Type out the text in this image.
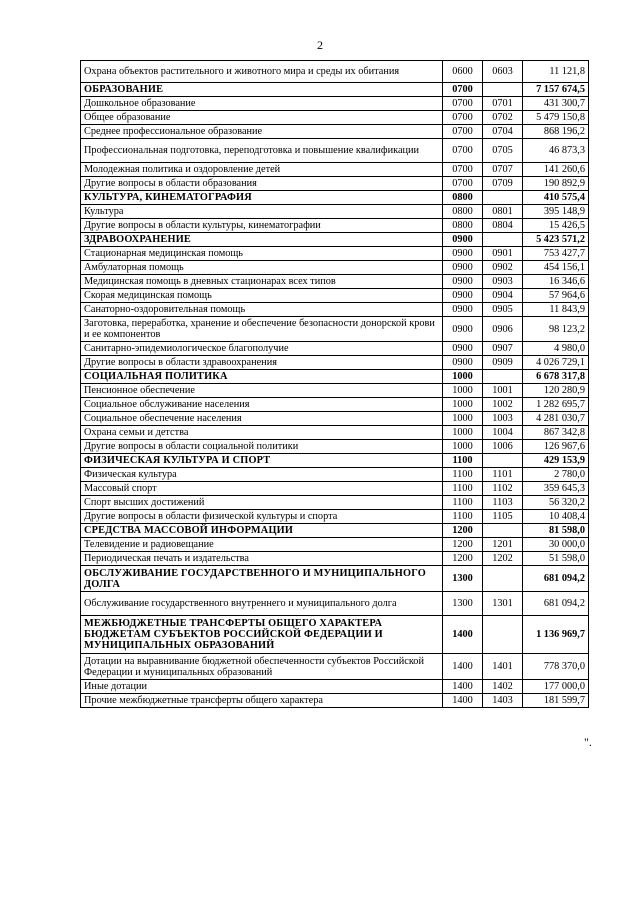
2
Охрана объектов растительного и животного мира и среды их обитания	0600	0603	11 121,8
ОБРАЗОВАНИЕ	0700		7 157 674,5
Дошкольное образование	0700	0701	431 300,7
Общее образование	0700	0702	5 479 150,8
Среднее профессиональное образование	0700	0704	868 196,2
Профессиональная подготовка, переподготовка и повышение квалификации	0700	0705	46 873,3
Молодежная политика и оздоровление детей	0700	0707	141 260,6
Другие вопросы в области образования	0700	0709	190 892,9
КУЛЬТУРА, КИНЕМАТОГРАФИЯ	0800		410 575,4
Культура	0800	0801	395 148,9
Другие вопросы в области культуры, кинематографии	0800	0804	15 426,5
ЗДРАВООХРАНЕНИЕ	0900		5 423 571,2
Стационарная медицинская помощь	0900	0901	753 427,7
Амбулаторная помощь	0900	0902	454 156,1
Медицинская помощь в дневных стационарах всех типов	0900	0903	16 346,6
Скорая медицинская помощь	0900	0904	57 964,6
Санаторно-оздоровительная помощь	0900	0905	11 843,9
Заготовка, переработка, хранение и обеспечение безопасности донорской крови и ее компонентов	0900	0906	98 123,2
Санитарно-эпидемиологическое благополучие	0900	0907	4 980,0
Другие вопросы в области здравоохранения	0900	0909	4 026 729,1
СОЦИАЛЬНАЯ ПОЛИТИКА	1000		6 678 317,8
Пенсионное обеспечение	1000	1001	120 280,9
Социальное обслуживание населения	1000	1002	1 282 695,7
Социальное обеспечение населения	1000	1003	4 281 030,7
Охрана семьи и детства	1000	1004	867 342,8
Другие вопросы в области социальной политики	1000	1006	126 967,6
ФИЗИЧЕСКАЯ КУЛЬТУРА И СПОРТ	1100		429 153,9
Физическая культура	1100	1101	2 780,0
Массовый спорт	1100	1102	359 645,3
Спорт высших достижений	1100	1103	56 320,2
Другие вопросы в области физической культуры и спорта	1100	1105	10 408,4
СРЕДСТВА МАССОВОЙ ИНФОРМАЦИИ	1200		81 598,0
Телевидение и радиовещание	1200	1201	30 000,0
Периодическая печать и издательства	1200	1202	51 598,0
ОБСЛУЖИВАНИЕ ГОСУДАРСТВЕННОГО И МУНИЦИПАЛЬНОГО ДОЛГА	1300		681 094,2
Обслуживание государственного внутреннего и муниципального долга	1300	1301	681 094,2
МЕЖБЮДЖЕТНЫЕ ТРАНСФЕРТЫ ОБЩЕГО ХАРАКТЕРА БЮДЖЕТАМ СУБЪЕКТОВ РОССИЙСКОЙ ФЕДЕРАЦИИ И МУНИЦИПАЛЬНЫХ ОБРАЗОВАНИЙ	1400		1 136 969,7
Дотации на выравнивание бюджетной обеспеченности субъектов Российской Федерации и муниципальных образований	1400	1401	778 370,0
Иные дотации	1400	1402	177 000,0
Прочие межбюджетные трансферты общего характера	1400	1403	181 599,7
".
